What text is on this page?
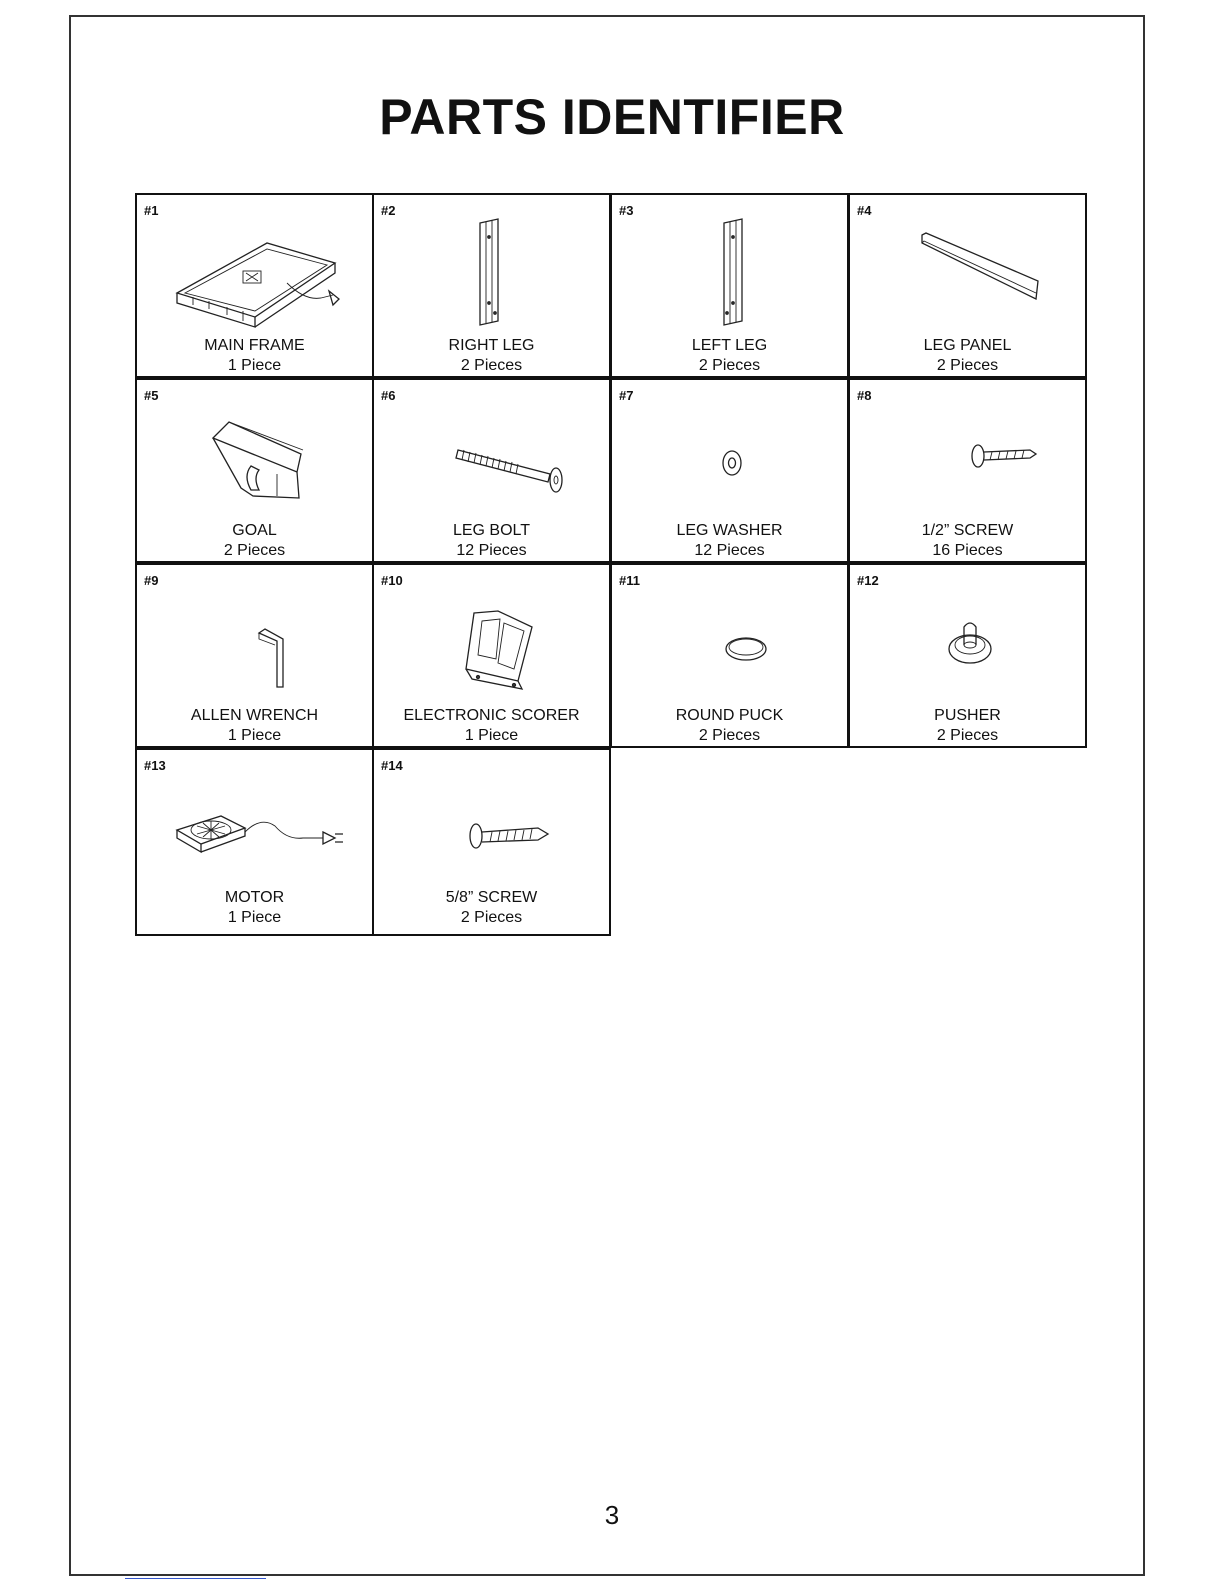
PARTS IDENTIFIER
#1
MAIN FRAME
1 Piece
#2
RIGHT LEG
2 Pieces
#3
LEFT LEG
2 Pieces
#4
LEG PANEL
2 Pieces
#5
GOAL
2 Pieces
#6
LEG BOLT
12 Pieces
#7
LEG WASHER
12 Pieces
#8
1/2” SCREW
16 Pieces
#9
ALLEN WRENCH
1 Piece
#10
ELECTRONIC SCORER
1 Piece
#11
ROUND PUCK
2 Pieces
#12
PUSHER
2 Pieces
#13
MOTOR
1 Piece
#14
5/8” SCREW
2 Pieces
3
